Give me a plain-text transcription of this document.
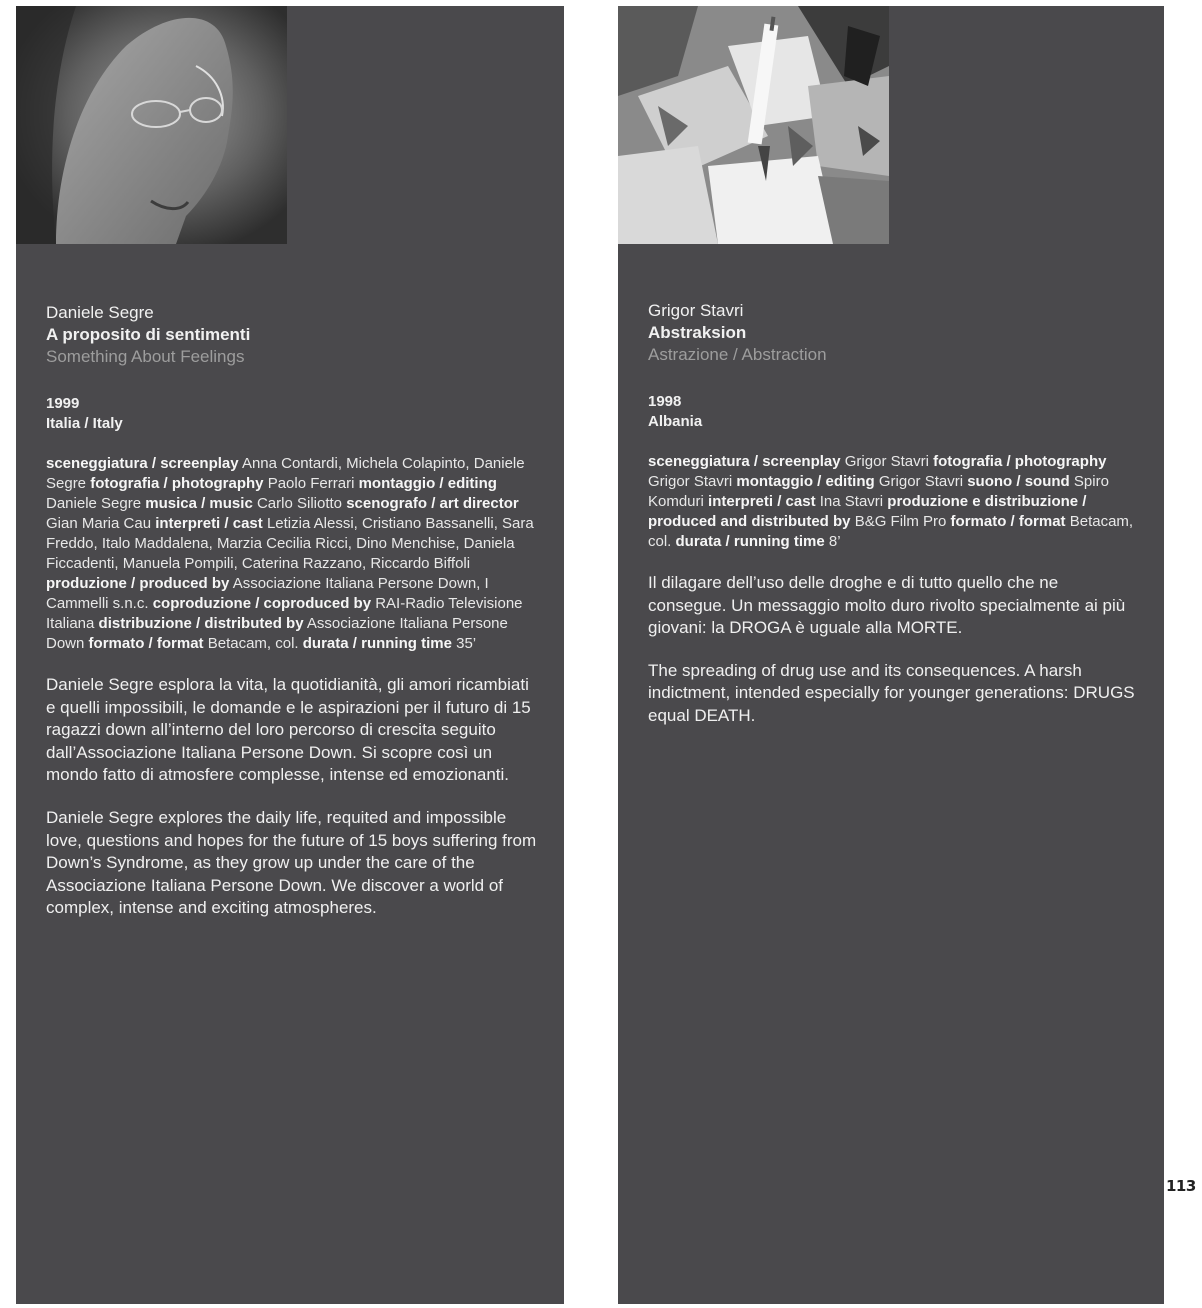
Daniele Segre
A proposito di sentimenti
Something About Feelings
1999
Italia / Italy
sceneggiatura / screenplay Anna Contardi, Michela Colapinto, Daniele Segre fotografia / photography Paolo Ferrari montaggio / editing Daniele Segre musica / music Carlo Siliotto scenografo / art director Gian Maria Cau interpreti / cast Letizia Alessi, Cristiano Bassanelli, Sara Freddo, Italo Maddalena, Marzia Cecilia Ricci, Dino Menchise, Daniela Ficcadenti, Manuela Pompili, Caterina Razzano, Riccardo Biffoli produzione / produced by Associazione Italiana Persone Down, I Cammelli s.n.c. coproduzione / coproduced by RAI-Radio Televisione Italiana distribuzione / distributed by Associazione Italiana Persone Down formato / format Betacam, col. durata / running time 35’
Daniele Segre esplora la vita, la quotidianità, gli amori ricambiati e quelli impossibili, le domande e le aspirazioni per il futuro di 15 ragazzi down all’interno del loro percorso di crescita seguito dall’Associazione Italiana Persone Down. Si scopre così un mondo fatto di atmosfere complesse, intense ed emozionanti.
Daniele Segre explores the daily life, requited and impossible love, questions and hopes for the future of 15 boys suffering from Down’s Syndrome, as they grow up under the care of the Associazione Italiana Persone Down. We discover a world of complex, intense and exciting atmospheres.
Grigor Stavri
Abstraksion
Astrazione / Abstraction
1998
Albania
sceneggiatura / screenplay Grigor Stavri fotografia / photography Grigor Stavri montaggio / editing Grigor Stavri suono / sound Spiro Komduri interpreti / cast Ina Stavri produzione e distribuzione / produced and distributed by B&G Film Pro formato / format Betacam, col. durata / running time 8’
Il dilagare dell’uso delle droghe e di tutto quello che ne consegue. Un messaggio molto duro rivolto specialmente ai più giovani: la DROGA è uguale alla MORTE.
The spreading of drug use and its consequences. A harsh indictment, intended especially for younger generations: DRUGS equal DEATH.
113
